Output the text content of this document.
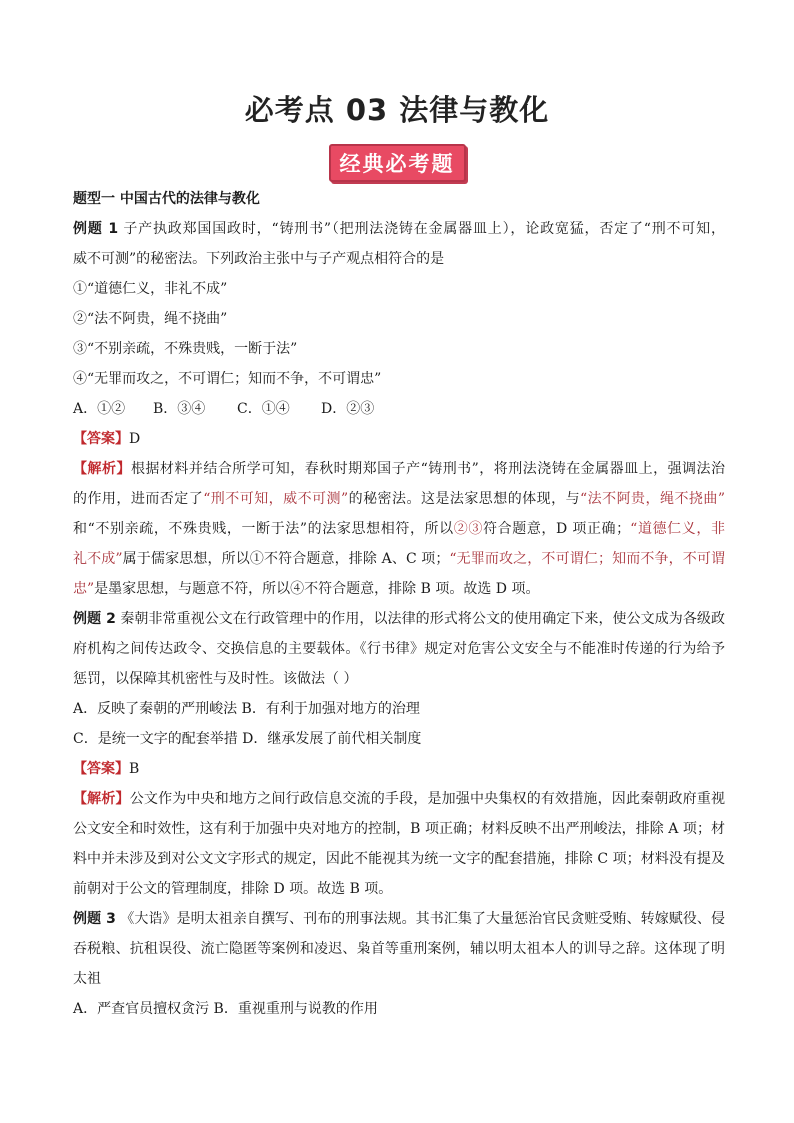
必考点 03 法律与教化
经典必考题
题型一 中国古代的法律与教化
例题 1 子产执政郑国国政时，“铸刑书”（把刑法浇铸在金属器皿上），论政宽猛，否定了“刑不可知，
威不可测”的秘密法。下列政治主张中与子产观点相符合的是
①“道德仁义，非礼不成”
②“法不阿贵，绳不挠曲”
③“不别亲疏，不殊贵贱，一断于法”
④“无罪而攻之，不可谓仁；知而不争，不可谓忠”
A．①② B．③④ C．①④ D．②③
【答案】D
【解析】根据材料并结合所学可知，春秋时期郑国子产“铸刑书”，将刑法浇铸在金属器皿上，强调法治
的作用，进而否定了“刑不可知，威不可测”的秘密法。这是法家思想的体现，与“法不阿贵，绳不挠曲”
和“不别亲疏，不殊贵贱，一断于法”的法家思想相符，所以②③符合题意，D 项正确；“道德仁义，非
礼不成”属于儒家思想，所以①不符合题意，排除 A、C 项；“无罪而攻之，不可谓仁；知而不争，不可谓
忠”是墨家思想，与题意不符，所以④不符合题意，排除 B 项。故选 D 项。
例题 2 秦朝非常重视公文在行政管理中的作用，以法律的形式将公文的使用确定下来，使公文成为各级政
府机构之间传达政令、交换信息的主要载体。《行书律》规定对危害公文安全与不能准时传递的行为给予
惩罚，以保障其机密性与及时性。该做法（ ）
A．反映了秦朝的严刑峻法 B．有利于加强对地方的治理
C．是统一文字的配套举措 D．继承发展了前代相关制度
【答案】B
【解析】公文作为中央和地方之间行政信息交流的手段，是加强中央集权的有效措施，因此秦朝政府重视
公文安全和时效性，这有利于加强中央对地方的控制，B 项正确；材料反映不出严刑峻法，排除 A 项；材
料中并未涉及到对公文文字形式的规定，因此不能视其为统一文字的配套措施，排除 C 项；材料没有提及
前朝对于公文的管理制度，排除 D 项。故选 B 项。
例题 3 《大诰》是明太祖亲自撰写、刊布的刑事法规。其书汇集了大量惩治官民贪赃受贿、转嫁赋役、侵
吞税粮、抗租误役、流亡隐匿等案例和凌迟、枭首等重刑案例，辅以明太祖本人的训导之辞。这体现了明
太祖
A．严查官员擅权贪污 B．重视重刑与说教的作用
